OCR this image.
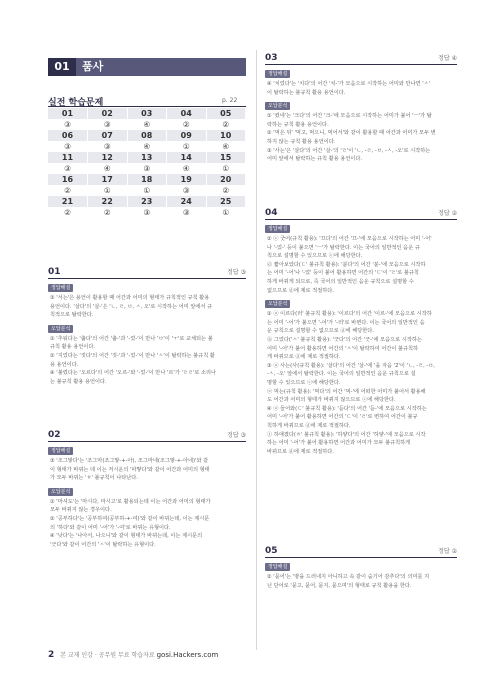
01	품사
실전 학습문제	p. 22
01	02	03	04	05
③	③	④	②	②
06	07	08	09	10
③	③	④	①	④
11	12	13	14	15
③	④	③	④	①
16	17	18	19	20
②	①	①	③	②
21	22	23	24	25
②	②	③	③	①
01	정답 ③
정답해설
③ '서는'은 용언이 활용할 때 어간과 어미의 형태가 규칙적인 규칙 활용
용언이다. '살다'의 '살-'은 'ㄴ, ㄹ, ㅂ, ㅅ, 오'로 시작하는 어미 앞에서 규
칙적으로 탈락한다.
오답분석
① '추워다는 '춥다'의 어간 '춥-'과 '-었-'이 만나 'ㅂ'이 'ㅜ'로 교체되는 불
규칙 활용 용언이다.
② '지었다는 '짓다'의 어간 '짓-'과 '-었-'이 만나 'ㅅ'이 탈락하는 불규칙 활
용 용언이다.
④ '불렀다는 '오르다'의 어간 '오르-'와 '-었-'이 만나 '르'가 'ㄹㄹ'로 소리나
는 불규칙 활용 용언이다.
02	정답 ③
정답해설
③ '조그맣다'는 '조그마(조그맣-+-아), 조그마네(조그맣-+-아네)'와 같
이 형태가 바뀌는 데 이는 저시운의 '파랗다'와 같이 어간과 어미의 형태
가 모두 바뀌는 'ㅎ' 불규칙이 나타난다.
오답분석
① '마셔도'는 '마시다, 마시고'로 활용되는데 이는 어간과 어미의 형태가
모두 바뀌지 않는 경우이다.
② '공부하다'는 '공부하여(공부하-+-여)'와 같이 바뀌는데, 이는 제시문
의 '하다'와 같이 어미 '-어'가 '-여'로 바뀌는 유형이다.
④ '낫다'는 '나아서, 나으니'와 같이 형태가 바뀌는데, 이는 제시문의
'긋다'와 같이 어간의 'ㅅ'이 탈락하는 유형이다.
03	정답 ④
정답해설
④ '치었다'는 '치다'의 어간 '치-'가 모음으로 시작하는 어미와 만나면 'ㅅ'
이 탈락하는 불규칙 활용 용언이다.
오답분석
① '컸네'는 '크다'의 어간 '크-'에 모음으로 시작하는 어미가 붙어 'ㅡ'가 탈
락하는 규칙 활용 용언이다.
② '먹은 뒤' '먹고, 먹으니, 먹어서'와 같이 활용할 때 어간과 어미가 모두 변
하지 않는 규칙 활용 용언이다.
③ '사는'은 '살다'의 어간 '살-'의 'ㄹ'이 'ㄴ, -ㄹ, -ㅂ, -ㅅ, -오'로 시작하는
어미 앞에서 탈락하는 규칙 활용 용언이다.
04	정답 ②
정답해설
② ⓒ 굿어(규칙 활용): '끄다'의 어간 '끄-'에 모음으로 시작하는 어미 '-어'
나 '-었-' 등이 붙으면 'ㅡ'가 탈락한다. 이는 국어의 일반적인 음운 규
칙으로 설명할 수 있으므로 ⓒ에 해당한다.
ⓓ 짧아보았다(ㄷ' 불규칙 활용): '붇다'의 어간 '붇-'에 모음으로 시작하
는 어미 '-어'나 '-었' 등이 붙어 활용하면 어간의 'ㄷ'이 'ㄹ'로 불규칙
하게 바뀌게 되므로, 즉 국어의 일반적인 음운 규칙으로 설명할 수
없으므로 ⓓ에 제로 적절하다.
오답분석
① ⓐ 이르다(러' 불규칙 활용): '이르다'의 어간 '이르-'에 모음으로 시작하
는 어미 '-어'가 붙으면 '-어'가 '-러'로 바뀐다. 이는 국어의 일반적인 음
운 규칙으로 설명할 수 없으므로 ⓓ에 해당한다.
ⓑ 그었다('ㅅ' 불규칙 활용): '긋다'의 어간 '긋-'에 모음으로 시작하는
어미 '-어'가 붙어 활용하면 어간의 'ㅅ'이 탈락하여 어간이 불규칙하
게 바뀌므로 ⓓ에 제로 적절하다.
③ ⓐ 사는(사(규칙 활용): '살다'의 어간 '살-'에 '을 자음 '2'이 'ㄴ, -ㄹ, -ㅂ,
-ㅅ, -오' 앞에서 탈락한다. 이는 국어의 일반적인 음운 규칙으로 설
명할 수 있으므로 ⓒ에 해당한다.
ⓔ 먹는(규칙 활용): '먹다'의 어간 '먹-'에 어떠한 어미가 붙어서 활용해
도 어간과 어미의 형태가 바뀌지 않으므로 ⓒ에 해당한다.
④ ⓐ 들어와(ㄷ' 불규칙 활용): '듣다'의 어간 '듣-'에 모음으로 시작하는
어미 '-어'가 붙어 활용하면 어간의 'ㄷ'이 'ㄹ'로 변하여 어간이 불규
칙하게 바뀌므로 ⓓ에 제로 적절하다.
ⓕ 하얘졌다(ㅎ' 불규칙 활용): '하얗다'의 어간 '하얗-'에 모음으로 시작
하는 어미 '-어'가 붙어 활용하면 어간과 어미가 모두 불규칙하게
바뀌므로 ⓓ에 제로 적절하다.
05	정답 ②
정답해설
② '묻어'는 '땅을 드러내지 아니하고 속 같이 숨기어 감추다'의 의미를 지
닌 단어로 '묻고, 묻어, 묻지, 묻으며'의 형태로 규칙 활용을 한다.
2 본 교재 인강 · 공무원 무료 학습자료 gosi.Hackers.com
